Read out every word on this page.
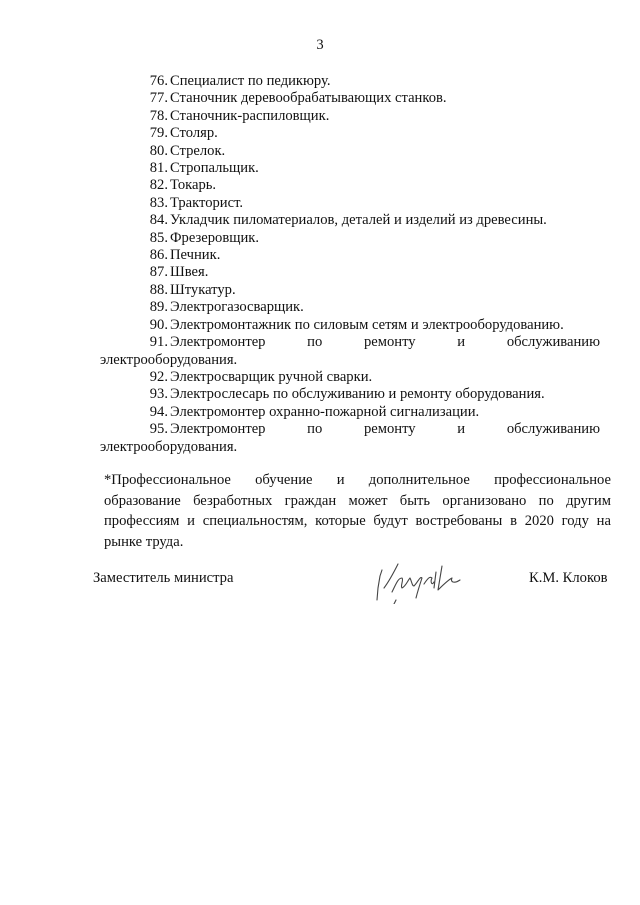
3
76. Специалист по педикюру.
77. Станочник деревообрабатывающих станков.
78. Станочник-распиловщик.
79. Столяр.
80. Стрелок.
81. Стропальщик.
82. Токарь.
83. Тракторист.
84. Укладчик пиломатериалов, деталей и изделий из древесины.
85. Фрезеровщик.
86. Печник.
87. Швея.
88. Штукатур.
89. Электрогазосварщик.
90. Электромонтажник по силовым сетям и электрооборудованию.
91. Электромонтер	по	ремонту	и	обслуживанию
электрооборудования.
92. Электросварщик ручной сварки.
93. Электрослесарь по обслуживанию и ремонту оборудования.
94. Электромонтер охранно-пожарной сигнализации.
95. Электромонтер	по	ремонту	и	обслуживанию
электрооборудования.
*Профессиональное обучение и дополнительное профессиональное
образование безработных граждан может быть организовано по другим
профессиям и специальностям, которые будут востребованы в 2020 году на
рынке труда.
Заместитель министра	К.М. Клоков
